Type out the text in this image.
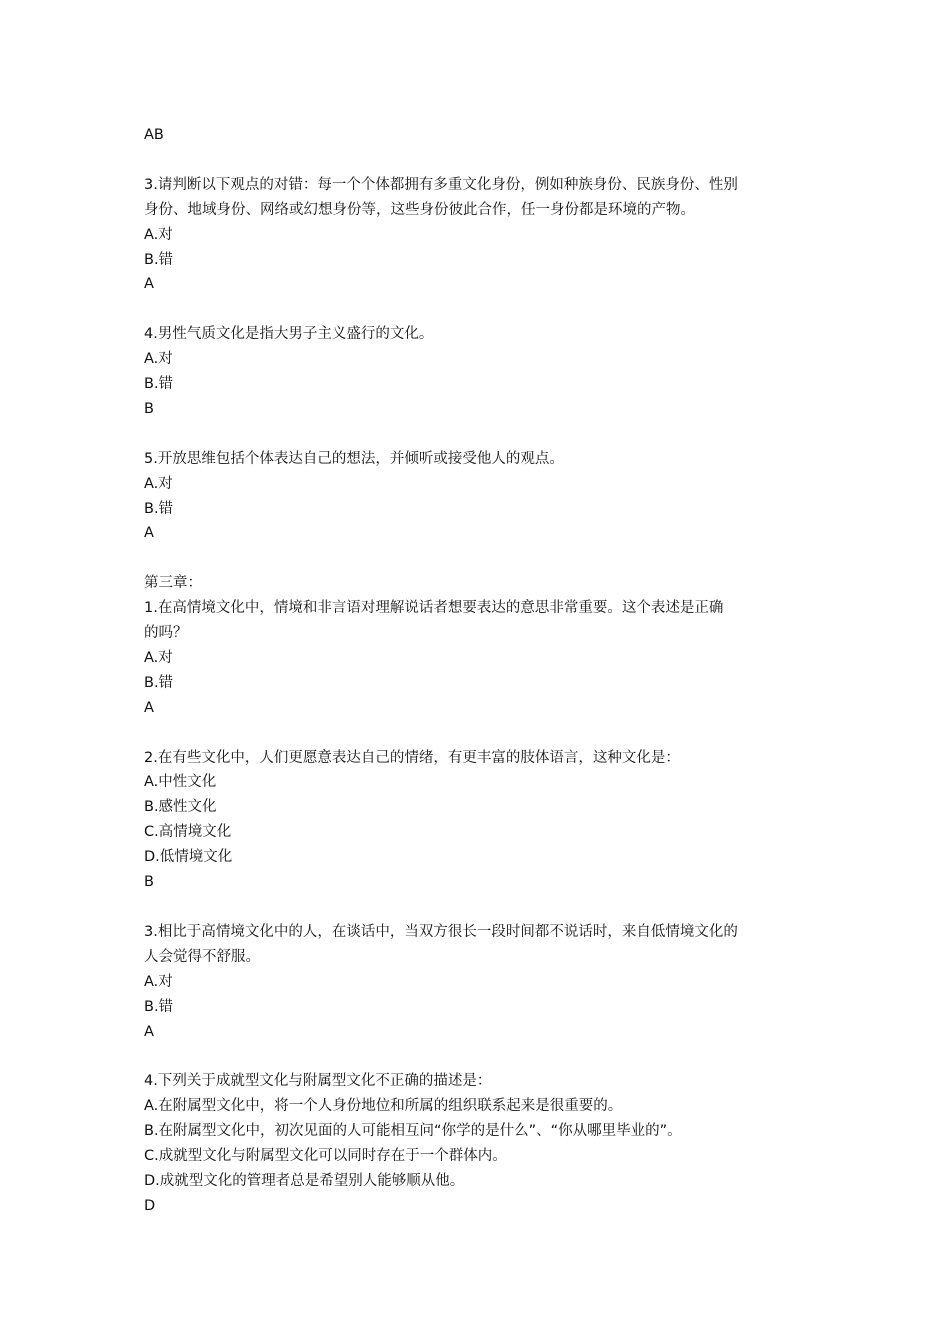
AB

3.请判断以下观点的对错：每一个个体都拥有多重文化身份，例如种族身份、民族身份、性别

身份、地域身份、网络或幻想身份等，这些身份彼此合作，任一身份都是环境的产物。

A.对

B.错

A

4.男性气质文化是指大男子主义盛行的文化。

A.对

B.错

B

5.开放思维包括个体表达自己的想法，并倾听或接受他人的观点。

A.对

B.错

A

第三章：

1.在高情境文化中，情境和非言语对理解说话者想要表达的意思非常重要。这个表述是正确

的吗？

A.对

B.错

A

2.在有些文化中，人们更愿意表达自己的情绪，有更丰富的肢体语言，这种文化是：

A.中性文化

B.感性文化

C.高情境文化

D.低情境文化

B

3.相比于高情境文化中的人，在谈话中，当双方很长一段时间都不说话时，来自低情境文化的

人会觉得不舒服。

A.对

B.错

A

4.下列关于成就型文化与附属型文化不正确的描述是：

A.在附属型文化中，将一个人身份地位和所属的组织联系起来是很重要的。

B.在附属型文化中，初次见面的人可能相互问“你学的是什么”、“你从哪里毕业的”。

C.成就型文化与附属型文化可以同时存在于一个群体内。

D.成就型文化的管理者总是希望别人能够顺从他。

D
